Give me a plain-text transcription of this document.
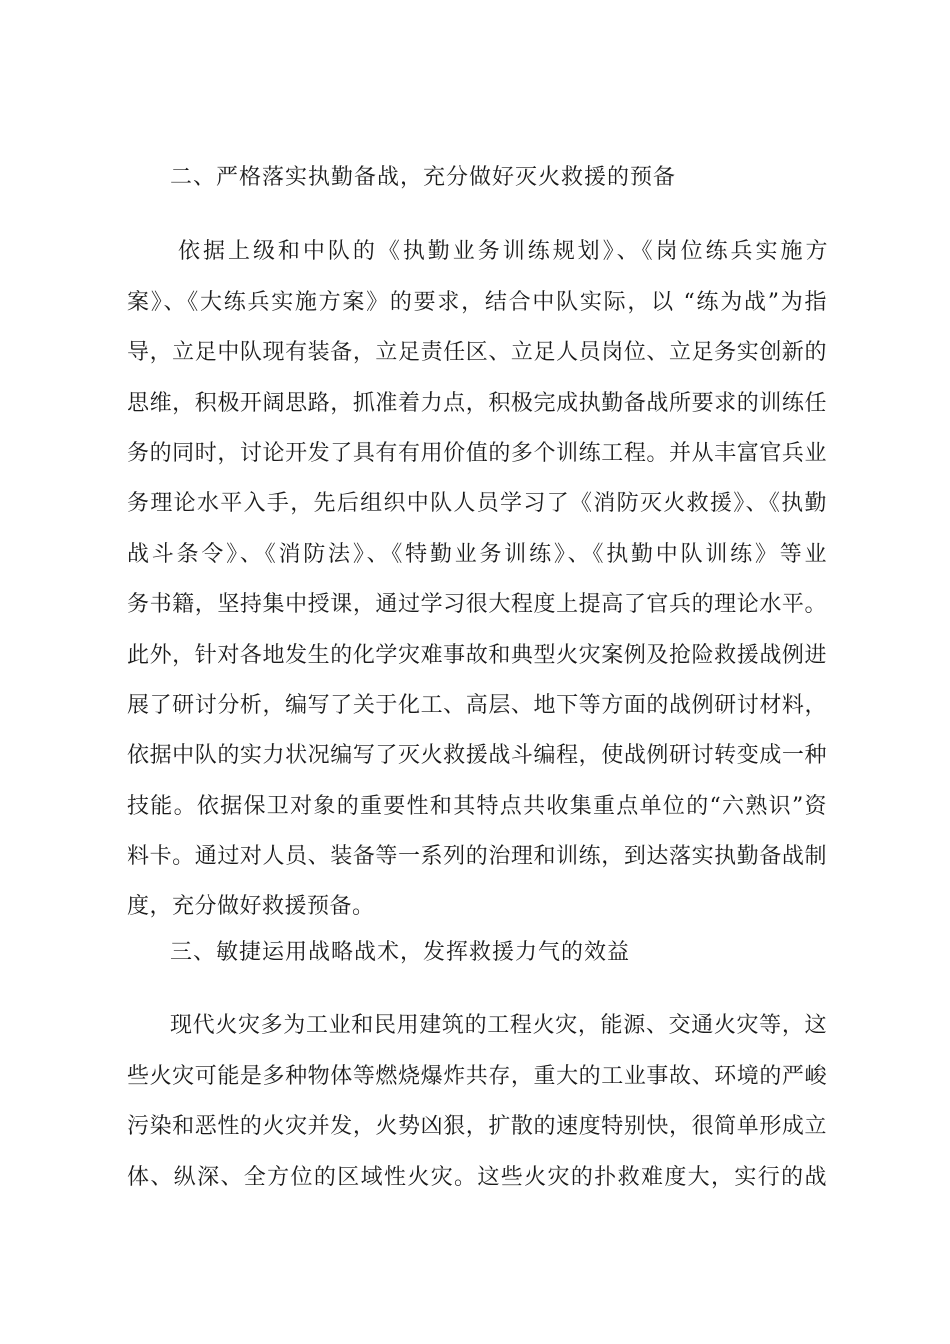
二、严格落实执勤备战，充分做好灭火救援的预备
依据上级和中队的《执勤业务训练规划》、《岗位练兵实施方
案》、《大练兵实施方案》的要求，结合中队实际，以 “练为战”为指
导，立足中队现有装备，立足责任区、立足人员岗位、立足务实创新的
思维，积极开阔思路，抓准着力点，积极完成执勤备战所要求的训练任
务的同时，讨论开发了具有有用价值的多个训练工程。并从丰富官兵业
务理论水平入手，先后组织中队人员学习了《消防灭火救援》、《执勤
战斗条令》、《消防法》、《特勤业务训练》、《执勤中队训练》等业
务书籍，坚持集中授课，通过学习很大程度上提高了官兵的理论水平。
此外，针对各地发生的化学灾难事故和典型火灾案例及抢险救援战例进
展了研讨分析，编写了关于化工、高层、地下等方面的战例研讨材料，
依据中队的实力状况编写了灭火救援战斗编程，使战例研讨转变成一种
技能。依据保卫对象的重要性和其特点共收集重点单位的“六熟识”资
料卡。通过对人员、装备等一系列的治理和训练，到达落实执勤备战制
度，充分做好救援预备。
三、敏捷运用战略战术，发挥救援力气的效益
现代火灾多为工业和民用建筑的工程火灾，能源、交通火灾等，这
些火灾可能是多种物体等燃烧爆炸共存，重大的工业事故、环境的严峻
污染和恶性的火灾并发，火势凶狠，扩散的速度特别快，很简单形成立
体、纵深、全方位的区域性火灾。这些火灾的扑救难度大，实行的战
